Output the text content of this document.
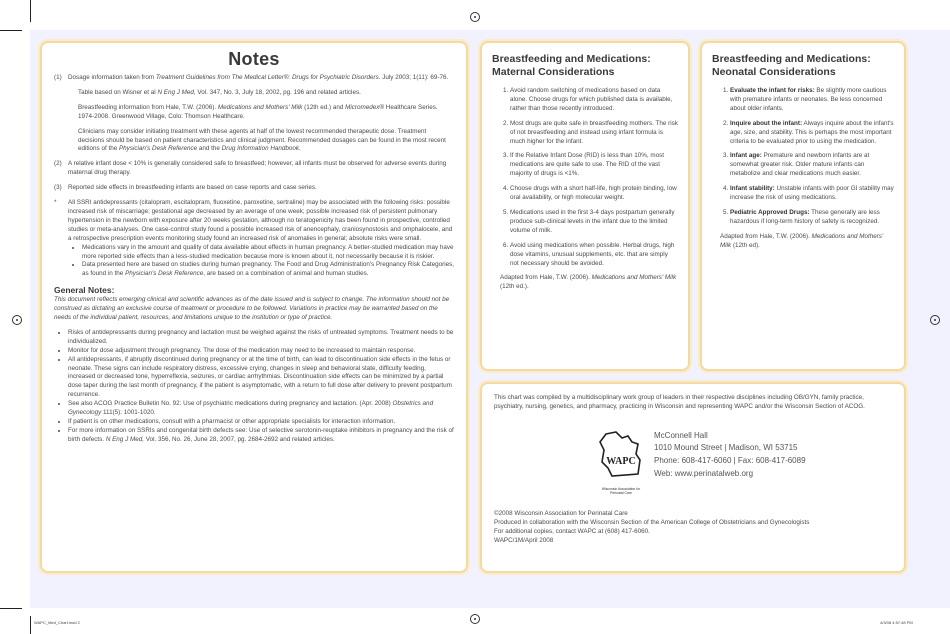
WAPC_Med_Chart.indd 2	4/3/08 4:57:48 PM
Notes
(1) Dosage information taken from Treatment Guidelines from The Medical Letter®: Drugs for Psychiatric Disorders. July 2003; 1(11): 69-76.

Table based on Wisner et al N Eng J Med, Vol. 347, No. 3, July 18, 2002, pg. 196 and related articles.

Breastfeeding information from Hale, T.W. (2006). Medications and Mothers' Milk (12th ed.) and Micromedex® Healthcare Series. 1974-2008. Greenwood Village, Colo: Thomson Healthcare.

Clinicians may consider initiating treatment with these agents at half of the lowest recommended therapeutic dose. Treatment decisions should be based on patient characteristics and clinical judgment. Recommended dosages can be found in the most recent editions of the Physician's Desk Reference and the Drug Information Handbook.

(2) A relative infant dose < 10% is generally considered safe to breastfeed; however, all infants must be observed for adverse events during maternal drug therapy.
(3) Reported side effects in breastfeeding infants are based on case reports and case series.
*	All SSRI antidepressants (citalopram, escitalopram, fluoxetine, paroxetine, sertraline) may be associated with the following risks: possible increased risk of miscarriage; gestational age decreased by an average of one week; possible increased risk of persistent pulmonary hypertension in the newborn with exposure after 20 weeks gestation, although no teratogenicity has been found in prospective, controlled studies or meta-analyses. One case-control study found a possible increased risk of anencephaly, craniosynostosis and omphalocele, and a retrospective prescription events monitoring study found an increased risk of anomalies in general; absolute risks were small.
• Medications vary in the amount and quality of data available about effects in human pregnancy. A better-studied medication may have more reported side effects than a less-studied medication because more is known about it, not necessarily because it is riskier.
• Data presented here are based on studies during human pregnancy. The Food and Drug Administration's Pregnancy Risk Categories, as found in the Physician's Desk Reference, are based on a combination of animal and human studies.
General Notes:

This document reflects emerging clinical and scientific advances as of the date issued and is subject to change. The information should not be construed as dictating an exclusive course of treatment or procedure to be followed. Variations in practice may be warranted based on the needs of the individual patient, resources, and limitations unique to the institution or type of practice.

• Risks of antidepressants during pregnancy and lactation must be weighed against the risks of untreated symptoms. Treatment needs to be individualized.
• Monitor for dose adjustment through pregnancy. The dose of the medication may need to be increased to maintain response.
• All antidepressants, if abruptly discontinued during pregnancy or at the time of birth, can lead to discontinuation side effects in the fetus or neonate. These signs can include respiratory distress, excessive crying, changes in sleep and behavioral state, difficulty feeding, increased or decreased tone, hyperreflexia, seizures, or cardiac arrhythmias. Discontinuation side effects can be minimized by a partial dose taper during the last month of pregnancy, if the patient is asymptomatic, with a return to full dose after delivery to prevent postpartum recurrence.
• See also ACOG Practice Bulletin No. 92: Use of psychiatric medications during pregnancy and lactation. (Apr. 2008) Obstetrics and Gynecology 111(5): 1001-1020.
• If patient is on other medications, consult with a pharmacist or other appropriate specialists for interaction information.
• For more information on SSRIs and congenital birth defects see: Use of selective serotonin-reuptake inhibitors in pregnancy and the risk of birth defects. N Eng J Med, Vol. 356, No. 26, June 28, 2007, pg. 2684-2692 and related articles.
Breastfeeding and Medications: Maternal Considerations
1. Avoid random switching of medications based on data alone. Choose drugs for which published data is available, rather than those recently introduced.
2. Most drugs are quite safe in breastfeeding mothers. The risk of not breastfeeding and instead using infant formula is much higher for the infant.
3. If the Relative Infant Dose (RID) is less than 10%, most medications are quite safe to use. The RID of the vast majority of drugs is <1%.
4. Choose drugs with a short half-life, high protein binding, low oral availability, or high molecular weight.
5. Medications used in the first 3-4 days postpartum generally produce sub-clinical levels in the infant due to the limited volume of milk.
6. Avoid using medications when possible. Herbal drugs, high dose vitamins, unusual supplements, etc. that are simply not necessary should be avoided.

Adapted from Hale, T.W. (2006). Medications and Mothers' Milk (12th ed.).

Breastfeeding and Medications: Neonatal Considerations
1. Evaluate the infant for risks: Be slightly more cautious with premature infants or neonates. Be less concerned about older infants.
2. Inquire about the infant: Always inquire about the infant's age, size, and stability. This is perhaps the most important criteria to be evaluated prior to using the medication.
3. Infant age: Premature and newborn infants are at somewhat greater risk. Older mature infants can metabolize and clear medications much easier.
4. Infant stability: Unstable infants with poor GI stability may increase the risk of using medications.
5. Pediatric Approved Drugs: These generally are less hazardous if long-term history of safety is recognized.

Adapted from Hale, T.W. (2006). Medications and Mothers' Milk (12th ed).

This chart was compiled by a multidisciplinary work group of leaders in their respective disciplines including OB/GYN, family practice, psychiatry, nursing, genetics, and pharmacy, practicing in Wisconsin and representing WAPC and/or the Wisconsin Section of ACOG.

WAPC
Wisconsin Association for Perinatal Care
McConnell Hall
1010 Mound Street | Madison, WI 53715
Phone: 608-417-6060 | Fax: 608-417-6089
Web: www.perinatalweb.org

©2008 Wisconsin Association for Perinatal Care

Produced in collaboration with the Wisconsin Section of the American College of Obstetricians and Gynecologists

For additional copies, contact WAPC at (608) 417-6060.

WAPC/1M/April 2008
